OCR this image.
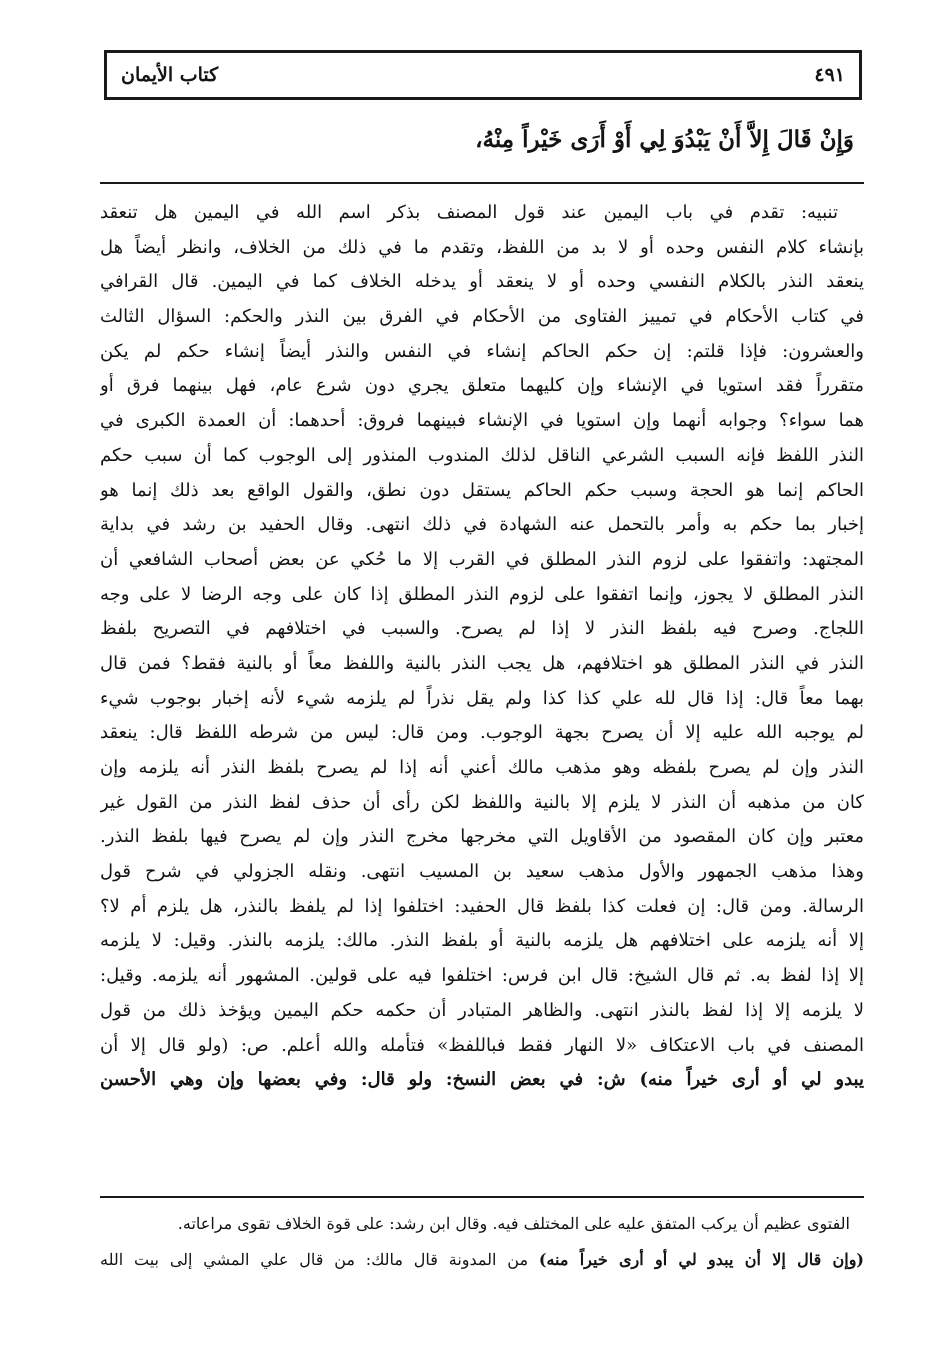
كتاب الأيمان	٤٩١
وَإِنْ قَالَ إِلاَّ أَنْ يَبْدُوَ لِي أَوْ أَرَى خَيْراً مِنْهُ،
تنبيه: تقدم في باب اليمين عند قول المصنف بذكر اسم الله في اليمين هل تنعقد
بإنشاء كلام النفس وحده أو لا بد من اللفظ، وتقدم ما في ذلك من الخلاف، وانظر أيضاً هل
ينعقد النذر بالكلام النفسي وحده أو لا ينعقد أو يدخله الخلاف كما في اليمين. قال القرافي
في كتاب الأحكام في تمييز الفتاوى من الأحكام في الفرق بين النذر والحكم: السؤال الثالث
والعشرون: فإذا قلتم: إن حكم الحاكم إنشاء في النفس والنذر أيضاً إنشاء حكم لم يكن
متقرراً فقد استويا في الإنشاء وإن كليهما متعلق يجري دون شرع عام، فهل بينهما فرق أو
هما سواء؟ وجوابه أنهما وإن استويا في الإنشاء فبينهما فروق: أحدهما: أن العمدة الكبرى في
النذر اللفظ فإنه السبب الشرعي الناقل لذلك المندوب المنذور إلى الوجوب كما أن سبب حكم
الحاكم إنما هو الحجة وسبب حكم الحاكم يستقل دون نطق، والقول الواقع بعد ذلك إنما هو
إخبار بما حكم به وأمر بالتحمل عنه الشهادة في ذلك انتهى. وقال الحفيد بن رشد في بداية
المجتهد: واتفقوا على لزوم النذر المطلق في القرب إلا ما حُكي عن بعض أصحاب الشافعي أن
النذر المطلق لا يجوز، وإنما اتفقوا على لزوم النذر المطلق إذا كان على وجه الرضا لا على وجه
اللجاج. وصرح فيه بلفظ النذر لا إذا لم يصرح. والسبب في اختلافهم في التصريح بلفظ
النذر في النذر المطلق هو اختلافهم، هل يجب النذر بالنية واللفظ معاً أو بالنية فقط؟ فمن قال
بهما معاً قال: إذا قال لله علي كذا كذا ولم يقل نذراً لم يلزمه شيء لأنه إخبار بوجوب شيء
لم يوجبه الله عليه إلا أن يصرح بجهة الوجوب. ومن قال: ليس من شرطه اللفظ قال: ينعقد
النذر وإن لم يصرح بلفظه وهو مذهب مالك أعني أنه إذا لم يصرح بلفظ النذر أنه يلزمه وإن
كان من مذهبه أن النذر لا يلزم إلا بالنية واللفظ لكن رأى أن حذف لفظ النذر من القول غير
معتبر وإن كان المقصود من الأقاويل التي مخرجها مخرج النذر وإن لم يصرح فيها بلفظ النذر.
وهذا مذهب الجمهور والأول مذهب سعيد بن المسيب انتهى. ونقله الجزولي في شرح قول
الرسالة. ومن قال: إن فعلت كذا بلفظ قال الحفيد: اختلفوا إذا لم يلفظ بالنذر، هل يلزم أم لا؟
إلا أنه يلزمه على اختلافهم هل يلزمه بالنية أو بلفظ النذر. مالك: يلزمه بالنذر. وقيل: لا يلزمه
إلا إذا لفظ به. ثم قال الشيخ: قال ابن فرس: اختلفوا فيه على قولين. المشهور أنه يلزمه. وقيل:
لا يلزمه إلا إذا لفظ بالنذر انتهى. والظاهر المتبادر أن حكمه حكم اليمين ويؤخذ ذلك من قول
المصنف في باب الاعتكاف «لا النهار فقط فباللفظ» فتأمله والله أعلم. ص: (ولو قال إلا أن
يبدو لي أو أرى خيراً منه) ش: في بعض النسخ: ولو قال: وفي بعضها وإن وهي الأحسن
الفتوى عظيم أن يركب المتفق عليه على المختلف فيه. وقال ابن رشد: على قوة الخلاف تقوى مراعاته.
(وإن قال إلا أن يبدو لي أو أرى خيراً منه) من المدونة قال مالك: من قال علي المشي إلى بيت الله
